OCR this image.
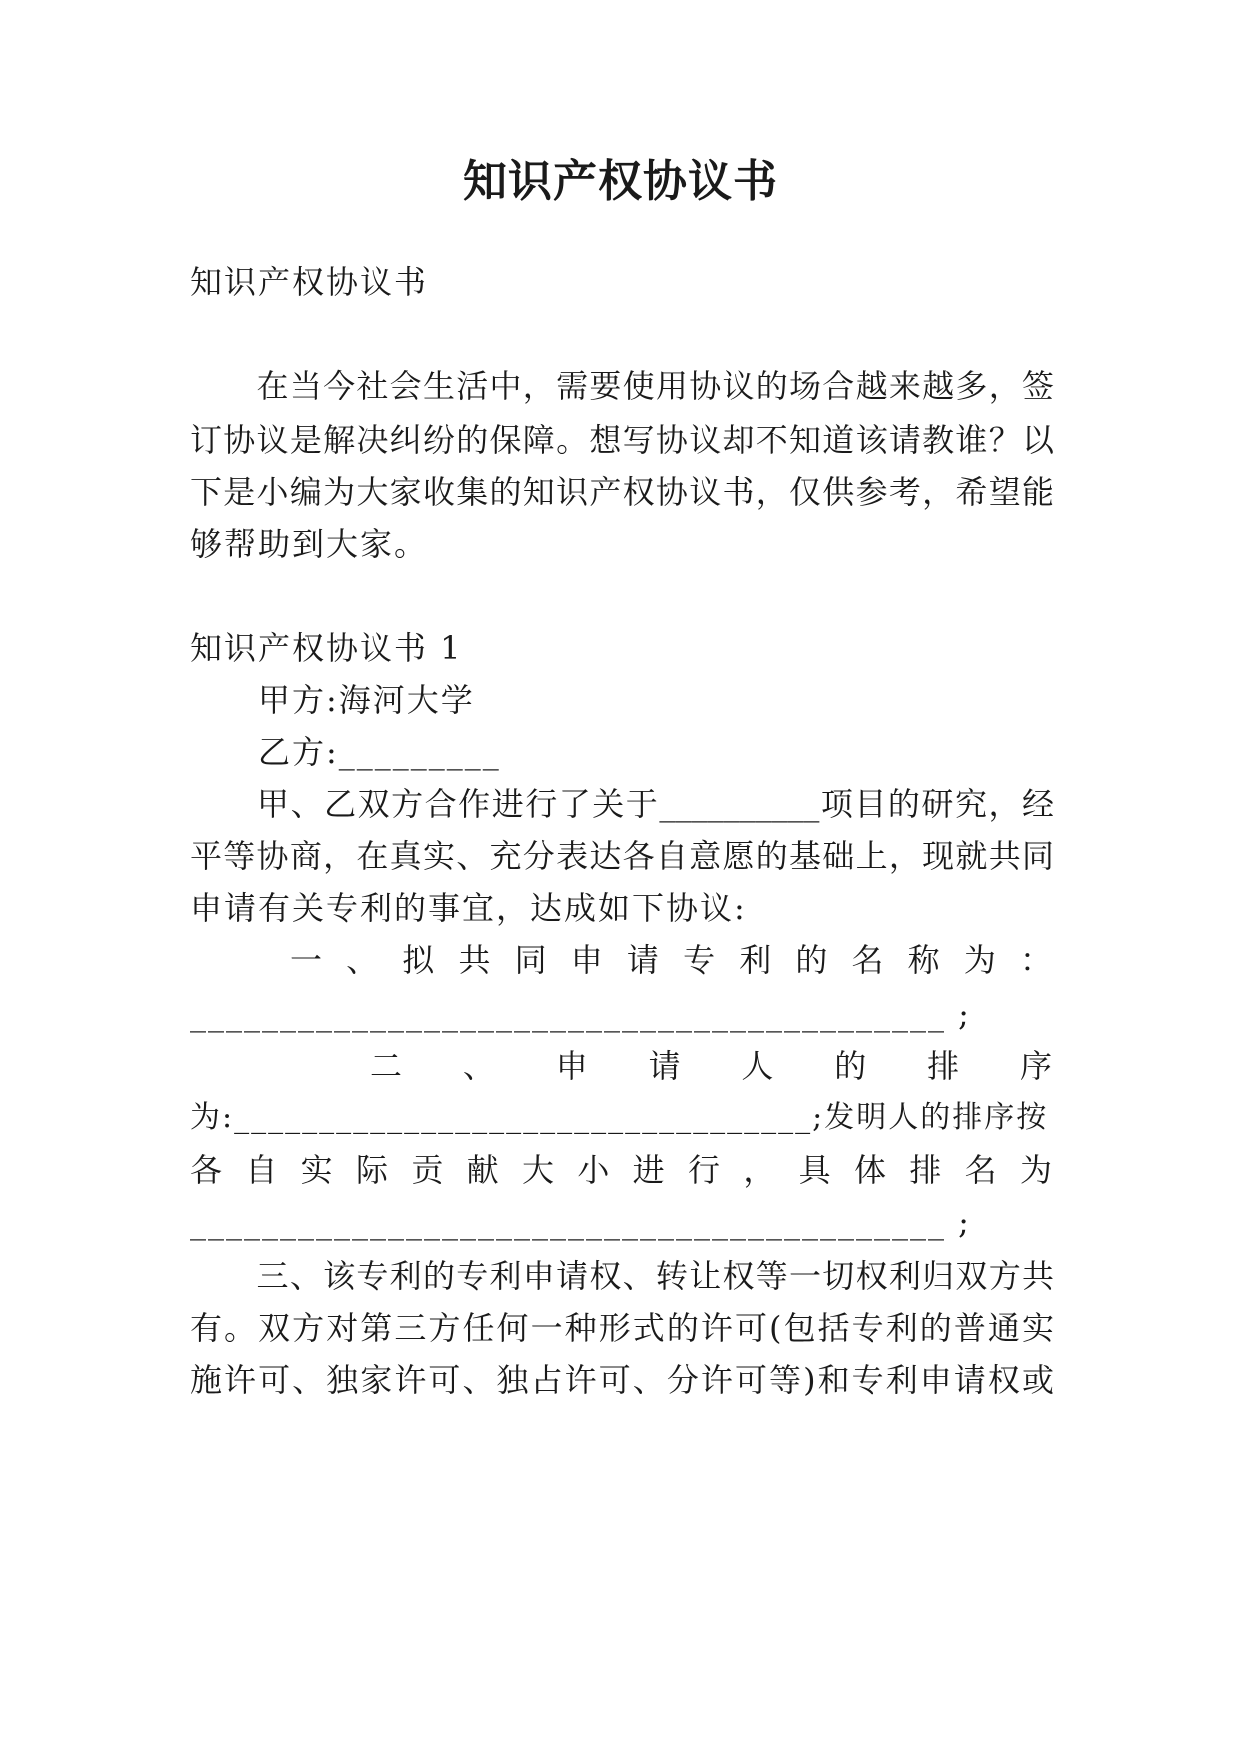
知识产权协议书
知识产权协议书
　　在当今社会生活中，需要使用协议的场合越来越多，签
订协议是解决纠纷的保障。想写协议却不知道该请教谁？以
下是小编为大家收集的知识产权协议书，仅供参考，希望能
够帮助到大家。
知识产权协议书 1
　　甲方:海河大学
　　乙方:_________
　　甲、乙双方合作进行了关于__________项目的研究，经
平等协商，在真实、充分表达各自意愿的基础上，现就共同
申请有关专利的事宜，达成如下协议:
一 、 拟 共 同 申 请 专 利 的 名 称 为 ：
__________________________________________ ;
二 、 申 请 人 的 排 序
为:__________________________________;发明人的排序按
各 自 实 际 贡 献 大 小 进 行 ， 具 体 排 名 为
__________________________________________ ;
　　三、该专利的专利申请权、转让权等一切权利归双方共
有。双方对第三方任何一种形式的许可(包括专利的普通实
施许可、独家许可、独占许可、分许可等)和专利申请权或
